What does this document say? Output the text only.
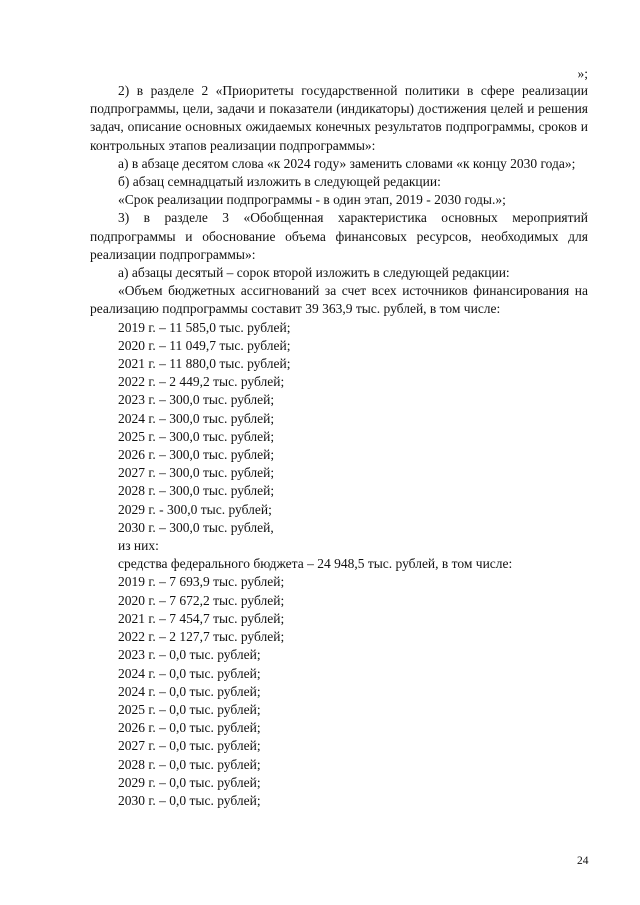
»;

2) в разделе 2 «Приоритеты государственной политики в сфере реализации подпрограммы, цели, задачи и показатели (индикаторы) достижения целей и решения задач, описание основных ожидаемых конечных результатов подпрограммы, сроков и контрольных этапов реализации подпрограммы»:

а) в абзаце десятом слова «к 2024 году» заменить словами «к концу 2030 года»;

б) абзац семнадцатый изложить в следующей редакции:

«Срок реализации подпрограммы - в один этап, 2019 - 2030 годы.»;

3) в разделе 3 «Обобщенная характеристика основных мероприятий подпрограммы и обоснование объема финансовых ресурсов, необходимых для реализации подпрограммы»:

а) абзацы десятый – сорок второй изложить в следующей редакции:

«Объем бюджетных ассигнований за счет всех источников финансирования на реализацию подпрограммы составит 39 363,9 тыс. рублей, в том числе:

2019 г. – 11 585,0 тыс. рублей;

2020 г. – 11 049,7 тыс. рублей;

2021 г. – 11 880,0 тыс. рублей;

2022 г. – 2 449,2 тыс. рублей;

2023 г. – 300,0 тыс. рублей;

2024 г. – 300,0 тыс. рублей;

2025 г. – 300,0 тыс. рублей;

2026 г. – 300,0 тыс. рублей;

2027 г. – 300,0 тыс. рублей;

2028 г. – 300,0 тыс. рублей;

2029 г. - 300,0 тыс. рублей;

2030 г. – 300,0 тыс. рублей,

из них:

средства федерального бюджета – 24 948,5 тыс. рублей, в том числе:

2019 г. – 7 693,9 тыс. рублей;

2020 г. – 7 672,2 тыс. рублей;

2021 г. – 7 454,7 тыс. рублей;

2022 г. – 2 127,7 тыс. рублей;

2023 г. – 0,0 тыс. рублей;

2024 г. – 0,0 тыс. рублей;

2024 г. – 0,0 тыс. рублей;

2025 г. – 0,0 тыс. рублей;

2026 г. – 0,0 тыс. рублей;

2027 г. – 0,0 тыс. рублей;

2028 г. – 0,0 тыс. рублей;

2029 г. – 0,0 тыс. рублей;

2030 г. – 0,0 тыс. рублей;

24
